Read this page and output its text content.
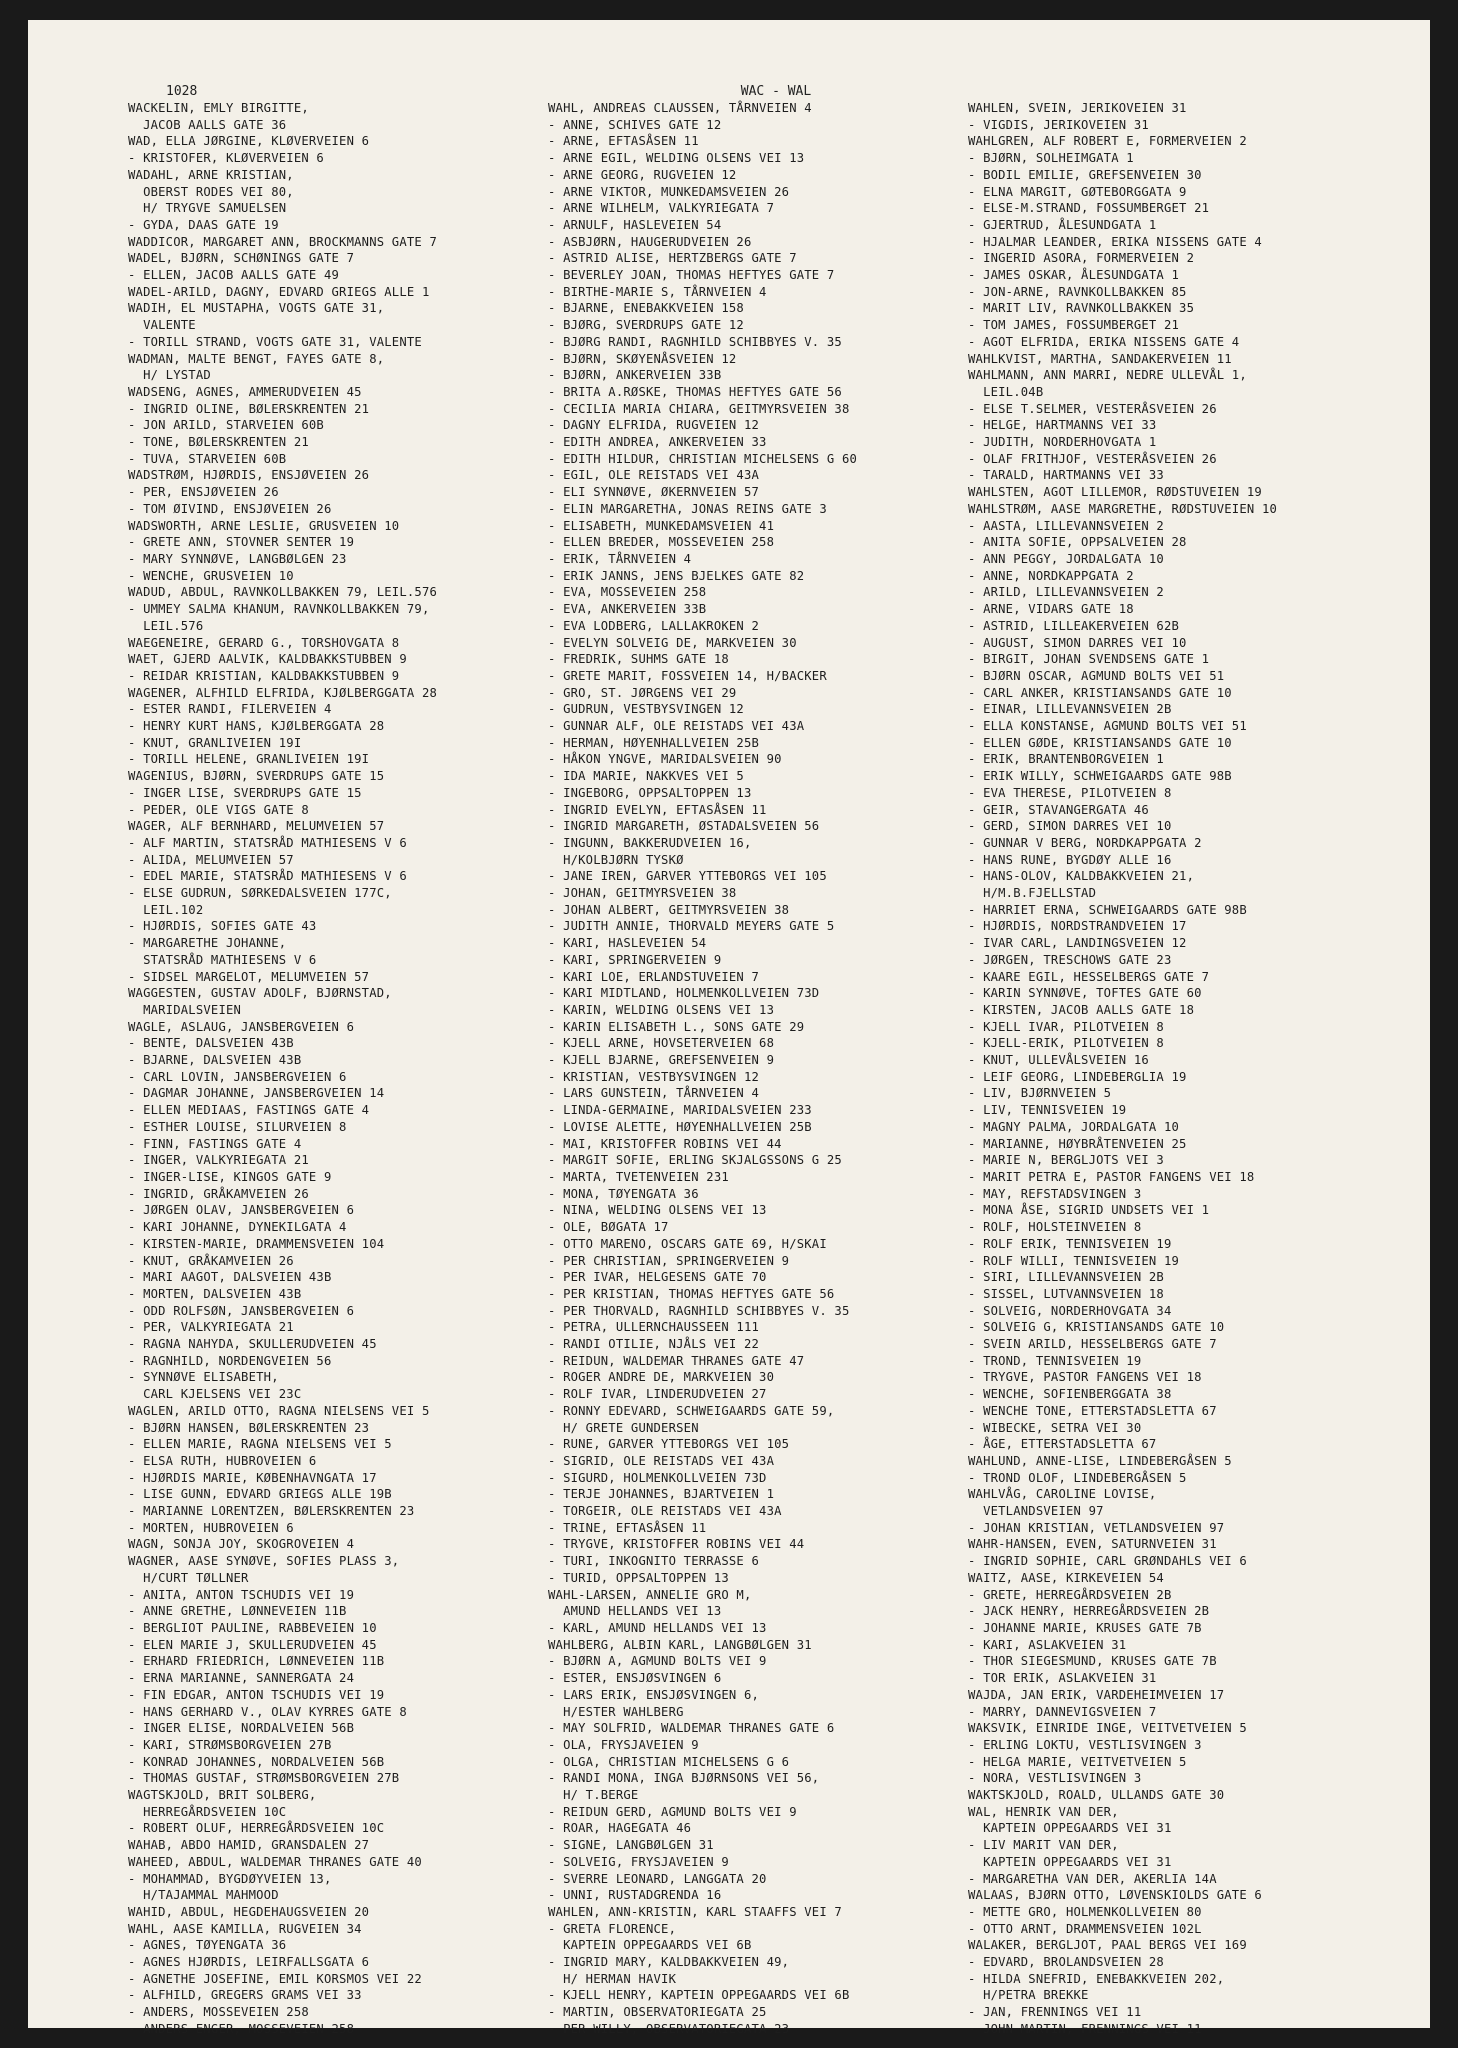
1028	WAC - WAL
WACKELIN, EMLY BIRGITTE,
JACOB AALLS GATE 36
WAD, ELLA JØRGINE, KLØVERVEIEN 6
- KRISTOFER, KLØVERVEIEN 6
WADAHL, ARNE KRISTIAN,
OBERST RODES VEI 80,
H/ TRYGVE SAMUELSEN
- GYDA, DAAS GATE 19
WADDICOR, MARGARET ANN, BROCKMANNS GATE 7
WADEL, BJØRN, SCHØNINGS GATE 7
- ELLEN, JACOB AALLS GATE 49
WADEL-ARILD, DAGNY, EDVARD GRIEGS ALLE 1
WADIH, EL MUSTAPHA, VOGTS GATE 31,
VALENTE
- TORILL STRAND, VOGTS GATE 31, VALENTE
WADMAN, MALTE BENGT, FAYES GATE 8,
H/ LYSTAD
WADSENG, AGNES, AMMERUDVEIEN 45
- INGRID OLINE, BØLERSKRENTEN 21
- JON ARILD, STARVEIEN 60B
- TONE, BØLERSKRENTEN 21
- TUVA, STARVEIEN 60B
WADSTRØM, HJØRDIS, ENSJØVEIEN 26
- PER, ENSJØVEIEN 26
- TOM ØIVIND, ENSJØVEIEN 26
WADSWORTH, ARNE LESLIE, GRUSVEIEN 10
- GRETE ANN, STOVNER SENTER 19
- MARY SYNNØVE, LANGBØLGEN 23
- WENCHE, GRUSVEIEN 10
WADUD, ABDUL, RAVNKOLLBAKKEN 79, LEIL.576
- UMMEY SALMA KHANUM, RAVNKOLLBAKKEN 79,
LEIL.576
WAEGENEIRE, GERARD G., TORSHOVGATA 8
WAET, GJERD AALVIK, KALDBAKKSTUBBEN 9
- REIDAR KRISTIAN, KALDBAKKSTUBBEN 9
WAGENER, ALFHILD ELFRIDA, KJØLBERGGATA 28
- ESTER RANDI, FILERVEIEN 4
- HENRY KURT HANS, KJØLBERGGATA 28
- KNUT, GRANLIVEIEN 19I
- TORILL HELENE, GRANLIVEIEN 19I
WAGENIUS, BJØRN, SVERDRUPS GATE 15
- INGER LISE, SVERDRUPS GATE 15
- PEDER, OLE VIGS GATE 8
WAGER, ALF BERNHARD, MELUMVEIEN 57
- ALF MARTIN, STATSRÅD MATHIESENS V 6
- ALIDA, MELUMVEIEN 57
- EDEL MARIE, STATSRÅD MATHIESENS V 6
- ELSE GUDRUN, SØRKEDALSVEIEN 177C,
LEIL.102
- HJØRDIS, SOFIES GATE 43
- MARGARETHE JOHANNE,
STATSRÅD MATHIESENS V 6
- SIDSEL MARGELOT, MELUMVEIEN 57
WAGGESTEN, GUSTAV ADOLF, BJØRNSTAD,
MARIDALSVEIEN
WAGLE, ASLAUG, JANSBERGVEIEN 6
- BENTE, DALSVEIEN 43B
- BJARNE, DALSVEIEN 43B
- CARL LOVIN, JANSBERGVEIEN 6
- DAGMAR JOHANNE, JANSBERGVEIEN 14
- ELLEN MEDIAAS, FASTINGS GATE 4
- ESTHER LOUISE, SILURVEIEN 8
- FINN, FASTINGS GATE 4
- INGER, VALKYRIEGATA 21
- INGER-LISE, KINGOS GATE 9
- INGRID, GRÅKAMVEIEN 26
- JØRGEN OLAV, JANSBERGVEIEN 6
- KARI JOHANNE, DYNEKILGATA 4
- KIRSTEN-MARIE, DRAMMENSVEIEN 104
- KNUT, GRÅKAMVEIEN 26
- MARI AAGOT, DALSVEIEN 43B
- MORTEN, DALSVEIEN 43B
- ODD ROLFSØN, JANSBERGVEIEN 6
- PER, VALKYRIEGATA 21
- RAGNA NAHYDA, SKULLERUDVEIEN 45
- RAGNHILD, NORDENGVEIEN 56
- SYNNØVE ELISABETH,
CARL KJELSENS VEI 23C
WAGLEN, ARILD OTTO, RAGNA NIELSENS VEI 5
- BJØRN HANSEN, BØLERSKRENTEN 23
- ELLEN MARIE, RAGNA NIELSENS VEI 5
- ELSA RUTH, HUBROVEIEN 6
- HJØRDIS MARIE, KØBENHAVNGATA 17
- LISE GUNN, EDVARD GRIEGS ALLE 19B
- MARIANNE LORENTZEN, BØLERSKRENTEN 23
- MORTEN, HUBROVEIEN 6
WAGN, SONJA JOY, SKOGROVEIEN 4
WAGNER, AASE SYNØVE, SOFIES PLASS 3,
H/CURT TØLLNER
- ANITA, ANTON TSCHUDIS VEI 19
- ANNE GRETHE, LØNNEVEIEN 11B
- BERGLIOT PAULINE, RABBEVEIEN 10
- ELEN MARIE J, SKULLERUDVEIEN 45
- ERHARD FRIEDRICH, LØNNEVEIEN 11B
- ERNA MARIANNE, SANNERGATA 24
- FIN EDGAR, ANTON TSCHUDIS VEI 19
- HANS GERHARD V., OLAV KYRRES GATE 8
- INGER ELISE, NORDALVEIEN 56B
- KARI, STRØMSBORGVEIEN 27B
- KONRAD JOHANNES, NORDALVEIEN 56B
- THOMAS GUSTAF, STRØMSBORGVEIEN 27B
WAGTSKJOLD, BRIT SOLBERG,
HERREGÅRDSVEIEN 10C
- ROBERT OLUF, HERREGÅRDSVEIEN 10C
WAHAB, ABDO HAMID, GRANSDALEN 27
WAHEED, ABDUL, WALDEMAR THRANES GATE 40
- MOHAMMAD, BYGDØYVEIEN 13,
H/TAJAMMAL MAHMOOD
WAHID, ABDUL, HEGDEHAUGSVEIEN 20
WAHL, AASE KAMILLA, RUGVEIEN 34
- AGNES, TØYENGATA 36
- AGNES HJØRDIS, LEIRFALLSGATA 6
- AGNETHE JOSEFINE, EMIL KORSMOS VEI 22
- ALFHILD, GREGERS GRAMS VEI 33
- ANDERS, MOSSEVEIEN 258
- ANDERS ENGER, MOSSEVEIEN 258
WAHL, ANDREAS CLAUSSEN, TÅRNVEIEN 4
- ANNE, SCHIVES GATE 12
- ARNE, EFTASÅSEN 11
- ARNE EGIL, WELDING OLSENS VEI 13
- ARNE GEORG, RUGVEIEN 12
- ARNE VIKTOR, MUNKEDAMSVEIEN 26
- ARNE WILHELM, VALKYRIEGATA 7
- ARNULF, HASLEVEIEN 54
- ASBJØRN, HAUGERUDVEIEN 26
- ASTRID ALISE, HERTZBERGS GATE 7
- BEVERLEY JOAN, THOMAS HEFTYES GATE 7
- BIRTHE-MARIE S, TÅRNVEIEN 4
- BJARNE, ENEBAKKVEIEN 158
- BJØRG, SVERDRUPS GATE 12
- BJØRG RANDI, RAGNHILD SCHIBBYES V. 35
- BJØRN, SKØYENÅSVEIEN 12
- BJØRN, ANKERVEIEN 33B
- BRITA A.RØSKE, THOMAS HEFTYES GATE 56
- CECILIA MARIA CHIARA, GEITMYRSVEIEN 38
- DAGNY ELFRIDA, RUGVEIEN 12
- EDITH ANDREA, ANKERVEIEN 33
- EDITH HILDUR, CHRISTIAN MICHELSENS G 60
- EGIL, OLE REISTADS VEI 43A
- ELI SYNNØVE, ØKERNVEIEN 57
- ELIN MARGARETHA, JONAS REINS GATE 3
- ELISABETH, MUNKEDAMSVEIEN 41
- ELLEN BREDER, MOSSEVEIEN 258
- ERIK, TÅRNVEIEN 4
- ERIK JANNS, JENS BJELKES GATE 82
- EVA, MOSSEVEIEN 258
- EVA, ANKERVEIEN 33B
- EVA LODBERG, LALLAKROKEN 2
- EVELYN SOLVEIG DE, MARKVEIEN 30
- FREDRIK, SUHMS GATE 18
- GRETE MARIT, FOSSVEIEN 14, H/BACKER
- GRO, ST. JØRGENS VEI 29
- GUDRUN, VESTBYSVINGEN 12
- GUNNAR ALF, OLE REISTADS VEI 43A
- HERMAN, HØYENHALLVEIEN 25B
- HÅKON YNGVE, MARIDALSVEIEN 90
- IDA MARIE, NAKKVES VEI 5
- INGEBORG, OPPSALTOPPEN 13
- INGRID EVELYN, EFTASÅSEN 11
- INGRID MARGARETH, ØSTADALSVEIEN 56
- INGUNN, BAKKERUDVEIEN 16,
H/KOLBJØRN TYSKØ
- JANE IREN, GARVER YTTEBORGS VEI 105
- JOHAN, GEITMYRSVEIEN 38
- JOHAN ALBERT, GEITMYRSVEIEN 38
- JUDITH ANNIE, THORVALD MEYERS GATE 5
- KARI, HASLEVEIEN 54
- KARI, SPRINGERVEIEN 9
- KARI LOE, ERLANDSTUVEIEN 7
- KARI MIDTLAND, HOLMENKOLLVEIEN 73D
- KARIN, WELDING OLSENS VEI 13
- KARIN ELISABETH L., SONS GATE 29
- KJELL ARNE, HOVSETERVEIEN 68
- KJELL BJARNE, GREFSENVEIEN 9
- KRISTIAN, VESTBYSVINGEN 12
- LARS GUNSTEIN, TÅRNVEIEN 4
- LINDA-GERMAINE, MARIDALSVEIEN 233
- LOVISE ALETTE, HØYENHALLVEIEN 25B
- MAI, KRISTOFFER ROBINS VEI 44
- MARGIT SOFIE, ERLING SKJALGSSONS G 25
- MARTA, TVETENVEIEN 231
- MONA, TØYENGATA 36
- NINA, WELDING OLSENS VEI 13
- OLE, BØGATA 17
- OTTO MARENO, OSCARS GATE 69, H/SKAI
- PER CHRISTIAN, SPRINGERVEIEN 9
- PER IVAR, HELGESENS GATE 70
- PER KRISTIAN, THOMAS HEFTYES GATE 56
- PER THORVALD, RAGNHILD SCHIBBYES V. 35
- PETRA, ULLERNCHAUSSEEN 111
- RANDI OTILIE, NJÅLS VEI 22
- REIDUN, WALDEMAR THRANES GATE 47
- ROGER ANDRE DE, MARKVEIEN 30
- ROLF IVAR, LINDERUDVEIEN 27
- RONNY EDEVARD, SCHWEIGAARDS GATE 59,
H/ GRETE GUNDERSEN
- RUNE, GARVER YTTEBORGS VEI 105
- SIGRID, OLE REISTADS VEI 43A
- SIGURD, HOLMENKOLLVEIEN 73D
- TERJE JOHANNES, BJARTVEIEN 1
- TORGEIR, OLE REISTADS VEI 43A
- TRINE, EFTASÅSEN 11
- TRYGVE, KRISTOFFER ROBINS VEI 44
- TURI, INKOGNITO TERRASSE 6
- TURID, OPPSALTOPPEN 13
WAHL-LARSEN, ANNELIE GRO M,
AMUND HELLANDS VEI 13
- KARL, AMUND HELLANDS VEI 13
WAHLBERG, ALBIN KARL, LANGBØLGEN 31
- BJØRN A, AGMUND BOLTS VEI 9
- ESTER, ENSJØSVINGEN 6
- LARS ERIK, ENSJØSVINGEN 6,
H/ESTER WAHLBERG
- MAY SOLFRID, WALDEMAR THRANES GATE 6
- OLA, FRYSJAVEIEN 9
- OLGA, CHRISTIAN MICHELSENS G 6
- RANDI MONA, INGA BJØRNSONS VEI 56,
H/ T.BERGE
- REIDUN GERD, AGMUND BOLTS VEI 9
- ROAR, HAGEGATA 46
- SIGNE, LANGBØLGEN 31
- SOLVEIG, FRYSJAVEIEN 9
- SVERRE LEONARD, LANGGATA 20
- UNNI, RUSTADGRENDA 16
WAHLEN, ANN-KRISTIN, KARL STAAFFS VEI 7
- GRETA FLORENCE,
KAPTEIN OPPEGAARDS VEI 6B
- INGRID MARY, KALDBAKKVEIEN 49,
H/ HERMAN HAVIK
- KJELL HENRY, KAPTEIN OPPEGAARDS VEI 6B
- MARTIN, OBSERVATORIEGATA 25
- PER WILLY, OBSERVATORIEGATA 23
WAHLEN, SVEIN, JERIKOVEIEN 31
- VIGDIS, JERIKOVEIEN 31
WAHLGREN, ALF ROBERT E, FORMERVEIEN 2
- BJØRN, SOLHEIMGATA 1
- BODIL EMILIE, GREFSENVEIEN 30
- ELNA MARGIT, GØTEBORGGATA 9
- ELSE-M.STRAND, FOSSUMBERGET 21
- GJERTRUD, ÅLESUNDGATA 1
- HJALMAR LEANDER, ERIKA NISSENS GATE 4
- INGERID ASORA, FORMERVEIEN 2
- JAMES OSKAR, ÅLESUNDGATA 1
- JON-ARNE, RAVNKOLLBAKKEN 85
- MARIT LIV, RAVNKOLLBAKKEN 35
- TOM JAMES, FOSSUMBERGET 21
- AGOT ELFRIDA, ERIKA NISSENS GATE 4
WAHLKVIST, MARTHA, SANDAKERVEIEN 11
WAHLMANN, ANN MARRI, NEDRE ULLEVÅL 1,
LEIL.04B
- ELSE T.SELMER, VESTERÅSVEIEN 26
- HELGE, HARTMANNS VEI 33
- JUDITH, NORDERHOVGATA 1
- OLAF FRITHJOF, VESTERÅSVEIEN 26
- TARALD, HARTMANNS VEI 33
WAHLSTEN, AGOT LILLEMOR, RØDSTUVEIEN 19
WAHLSTRØM, AASE MARGRETHE, RØDSTUVEIEN 10
- AASTA, LILLEVANNSVEIEN 2
- ANITA SOFIE, OPPSALVEIEN 28
- ANN PEGGY, JORDALGATA 10
- ANNE, NORDKAPPGATA 2
- ARILD, LILLEVANNSVEIEN 2
- ARNE, VIDARS GATE 18
- ASTRID, LILLEAKERVEIEN 62B
- AUGUST, SIMON DARRES VEI 10
- BIRGIT, JOHAN SVENDSENS GATE 1
- BJØRN OSCAR, AGMUND BOLTS VEI 51
- CARL ANKER, KRISTIANSANDS GATE 10
- EINAR, LILLEVANNSVEIEN 2B
- ELLA KONSTANSE, AGMUND BOLTS VEI 51
- ELLEN GØDE, KRISTIANSANDS GATE 10
- ERIK, BRANTENBORGVEIEN 1
- ERIK WILLY, SCHWEIGAARDS GATE 98B
- EVA THERESE, PILOTVEIEN 8
- GEIR, STAVANGERGATA 46
- GERD, SIMON DARRES VEI 10
- GUNNAR V BERG, NORDKAPPGATA 2
- HANS RUNE, BYGDØY ALLE 16
- HANS-OLOV, KALDBAKKVEIEN 21,
H/M.B.FJELLSTAD
- HARRIET ERNA, SCHWEIGAARDS GATE 98B
- HJØRDIS, NORDSTRANDVEIEN 17
- IVAR CARL, LANDINGSVEIEN 12
- JØRGEN, TRESCHOWS GATE 23
- KAARE EGIL, HESSELBERGS GATE 7
- KARIN SYNNØVE, TOFTES GATE 60
- KIRSTEN, JACOB AALLS GATE 18
- KJELL IVAR, PILOTVEIEN 8
- KJELL-ERIK, PILOTVEIEN 8
- KNUT, ULLEVÅLSVEIEN 16
- LEIF GEORG, LINDEBERGLIA 19
- LIV, BJØRNVEIEN 5
- LIV, TENNISVEIEN 19
- MAGNY PALMA, JORDALGATA 10
- MARIANNE, HØYBRÅTENVEIEN 25
- MARIE N, BERGLJOTS VEI 3
- MARIT PETRA E, PASTOR FANGENS VEI 18
- MAY, REFSTADSVINGEN 3
- MONA ÅSE, SIGRID UNDSETS VEI 1
- ROLF, HOLSTEINVEIEN 8
- ROLF ERIK, TENNISVEIEN 19
- ROLF WILLI, TENNISVEIEN 19
- SIRI, LILLEVANNSVEIEN 2B
- SISSEL, LUTVANNSVEIEN 18
- SOLVEIG, NORDERHOVGATA 34
- SOLVEIG G, KRISTIANSANDS GATE 10
- SVEIN ARILD, HESSELBERGS GATE 7
- TROND, TENNISVEIEN 19
- TRYGVE, PASTOR FANGENS VEI 18
- WENCHE, SOFIENBERGGATA 38
- WENCHE TONE, ETTERSTADSLETTA 67
- WIBECKE, SETRA VEI 30
- ÅGE, ETTERSTADSLETTA 67
WAHLUND, ANNE-LISE, LINDEBERGÅSEN 5
- TROND OLOF, LINDEBERGÅSEN 5
WAHLVÅG, CAROLINE LOVISE,
VETLANDSVEIEN 97
- JOHAN KRISTIAN, VETLANDSVEIEN 97
WAHR-HANSEN, EVEN, SATURNVEIEN 31
- INGRID SOPHIE, CARL GRØNDAHLS VEI 6
WAITZ, AASE, KIRKEVEIEN 54
- GRETE, HERREGÅRDSVEIEN 2B
- JACK HENRY, HERREGÅRDSVEIEN 2B
- JOHANNE MARIE, KRUSES GATE 7B
- KARI, ASLAKVEIEN 31
- THOR SIEGESMUND, KRUSES GATE 7B
- TOR ERIK, ASLAKVEIEN 31
WAJDA, JAN ERIK, VARDEHEIMVEIEN 17
- MARRY, DANNEVIGSVEIEN 7
WAKSVIK, EINRIDE INGE, VEITVETVEIEN 5
- ERLING LOKTU, VESTLISVINGEN 3
- HELGA MARIE, VEITVETVEIEN 5
- NORA, VESTLISVINGEN 3
WAKTSKJOLD, ROALD, ULLANDS GATE 30
WAL, HENRIK VAN DER,
KAPTEIN OPPEGAARDS VEI 31
- LIV MARIT VAN DER,
KAPTEIN OPPEGAARDS VEI 31
- MARGARETHA VAN DER, AKERLIA 14A
WALAAS, BJØRN OTTO, LØVENSKIOLDS GATE 6
- METTE GRO, HOLMENKOLLVEIEN 80
- OTTO ARNT, DRAMMENSVEIEN 102L
WALAKER, BERGLJOT, PAAL BERGS VEI 169
- EDVARD, BROLANDSVEIEN 28
- HILDA SNEFRID, ENEBAKKVEIEN 202,
H/PETRA BREKKE
- JAN, FRENNINGS VEI 11
- JOHN MARTIN, FRENNINGS VEI 11
